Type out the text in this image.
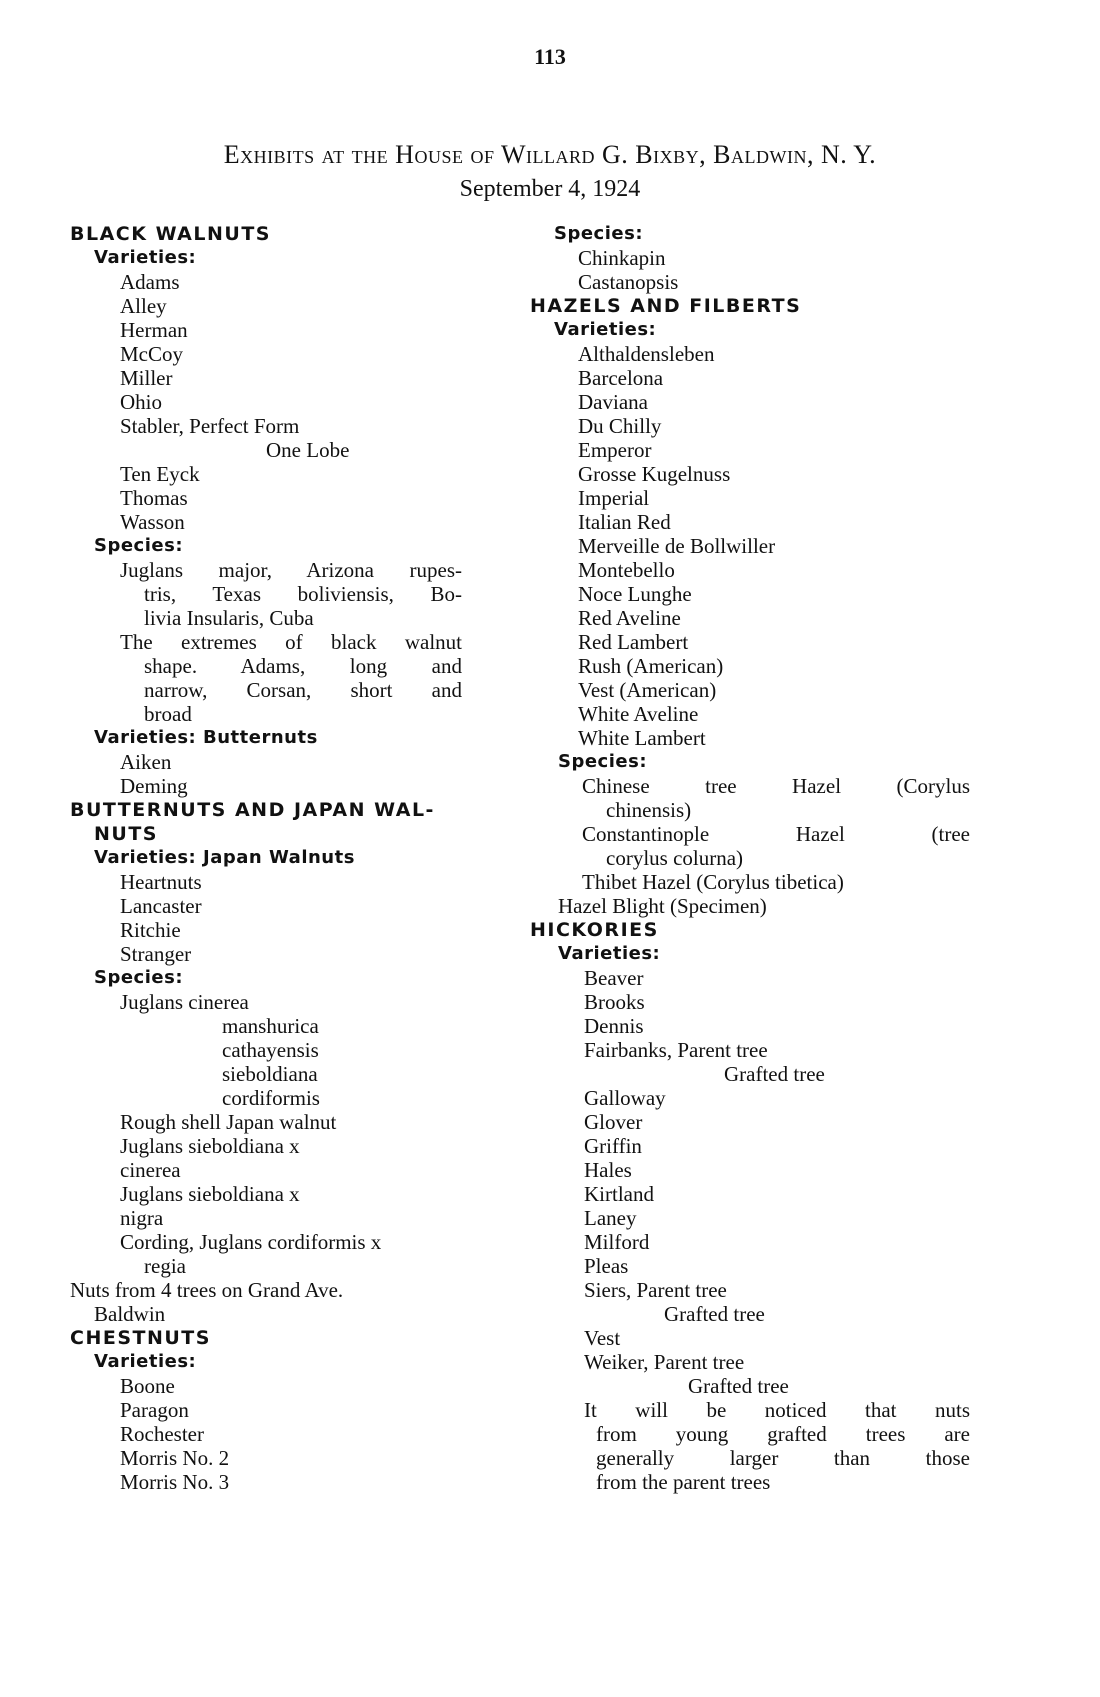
113
Exhibits at the House of Willard G. Bixby, Baldwin, N. Y.
September 4, 1924
BLACK WALNUTS
Varieties:
Adams
Alley
Herman
McCoy
Miller
Ohio
Stabler, Perfect Form
One Lobe
Ten Eyck
Thomas
Wasson
Species:
Juglans major, Arizona rupes-
tris, Texas boliviensis, Bo-
livia Insularis, Cuba
The extremes of black walnut
shape. Adams, long and
narrow, Corsan, short and
broad
Varieties: Butternuts
Aiken
Deming
BUTTERNUTS AND JAPAN WAL-
NUTS
Varieties: Japan Walnuts
Heartnuts
Lancaster
Ritchie
Stranger
Species:
Juglans cinerea
manshurica
cathayensis
sieboldiana
cordiformis
Rough shell Japan walnut
Juglans sieboldiana x
cinerea
Juglans sieboldiana x
nigra
Cording, Juglans cordiformis x
regia
Nuts from 4 trees on Grand Ave.
Baldwin
CHESTNUTS
Varieties:
Boone
Paragon
Rochester
Morris No. 2
Morris No. 3
Species:
Chinkapin
Castanopsis
HAZELS AND FILBERTS
Varieties:
Althaldensleben
Barcelona
Daviana
Du Chilly
Emperor
Grosse Kugelnuss
Imperial
Italian Red
Merveille de Bollwiller
Montebello
Noce Lunghe
Red Aveline
Red Lambert
Rush (American)
Vest (American)
White Aveline
White Lambert
Species:
Chinese tree Hazel (Corylus
chinensis)
Constantinople Hazel (tree
corylus colurna)
Thibet Hazel (Corylus tibetica)
Hazel Blight (Specimen)
HICKORIES
Varieties:
Beaver
Brooks
Dennis
Fairbanks, Parent tree
Grafted tree
Galloway
Glover
Griffin
Hales
Kirtland
Laney
Milford
Pleas
Siers, Parent tree
Grafted tree
Vest
Weiker, Parent tree
Grafted tree
It will be noticed that nuts
from young grafted trees are
generally larger than those
from the parent trees
